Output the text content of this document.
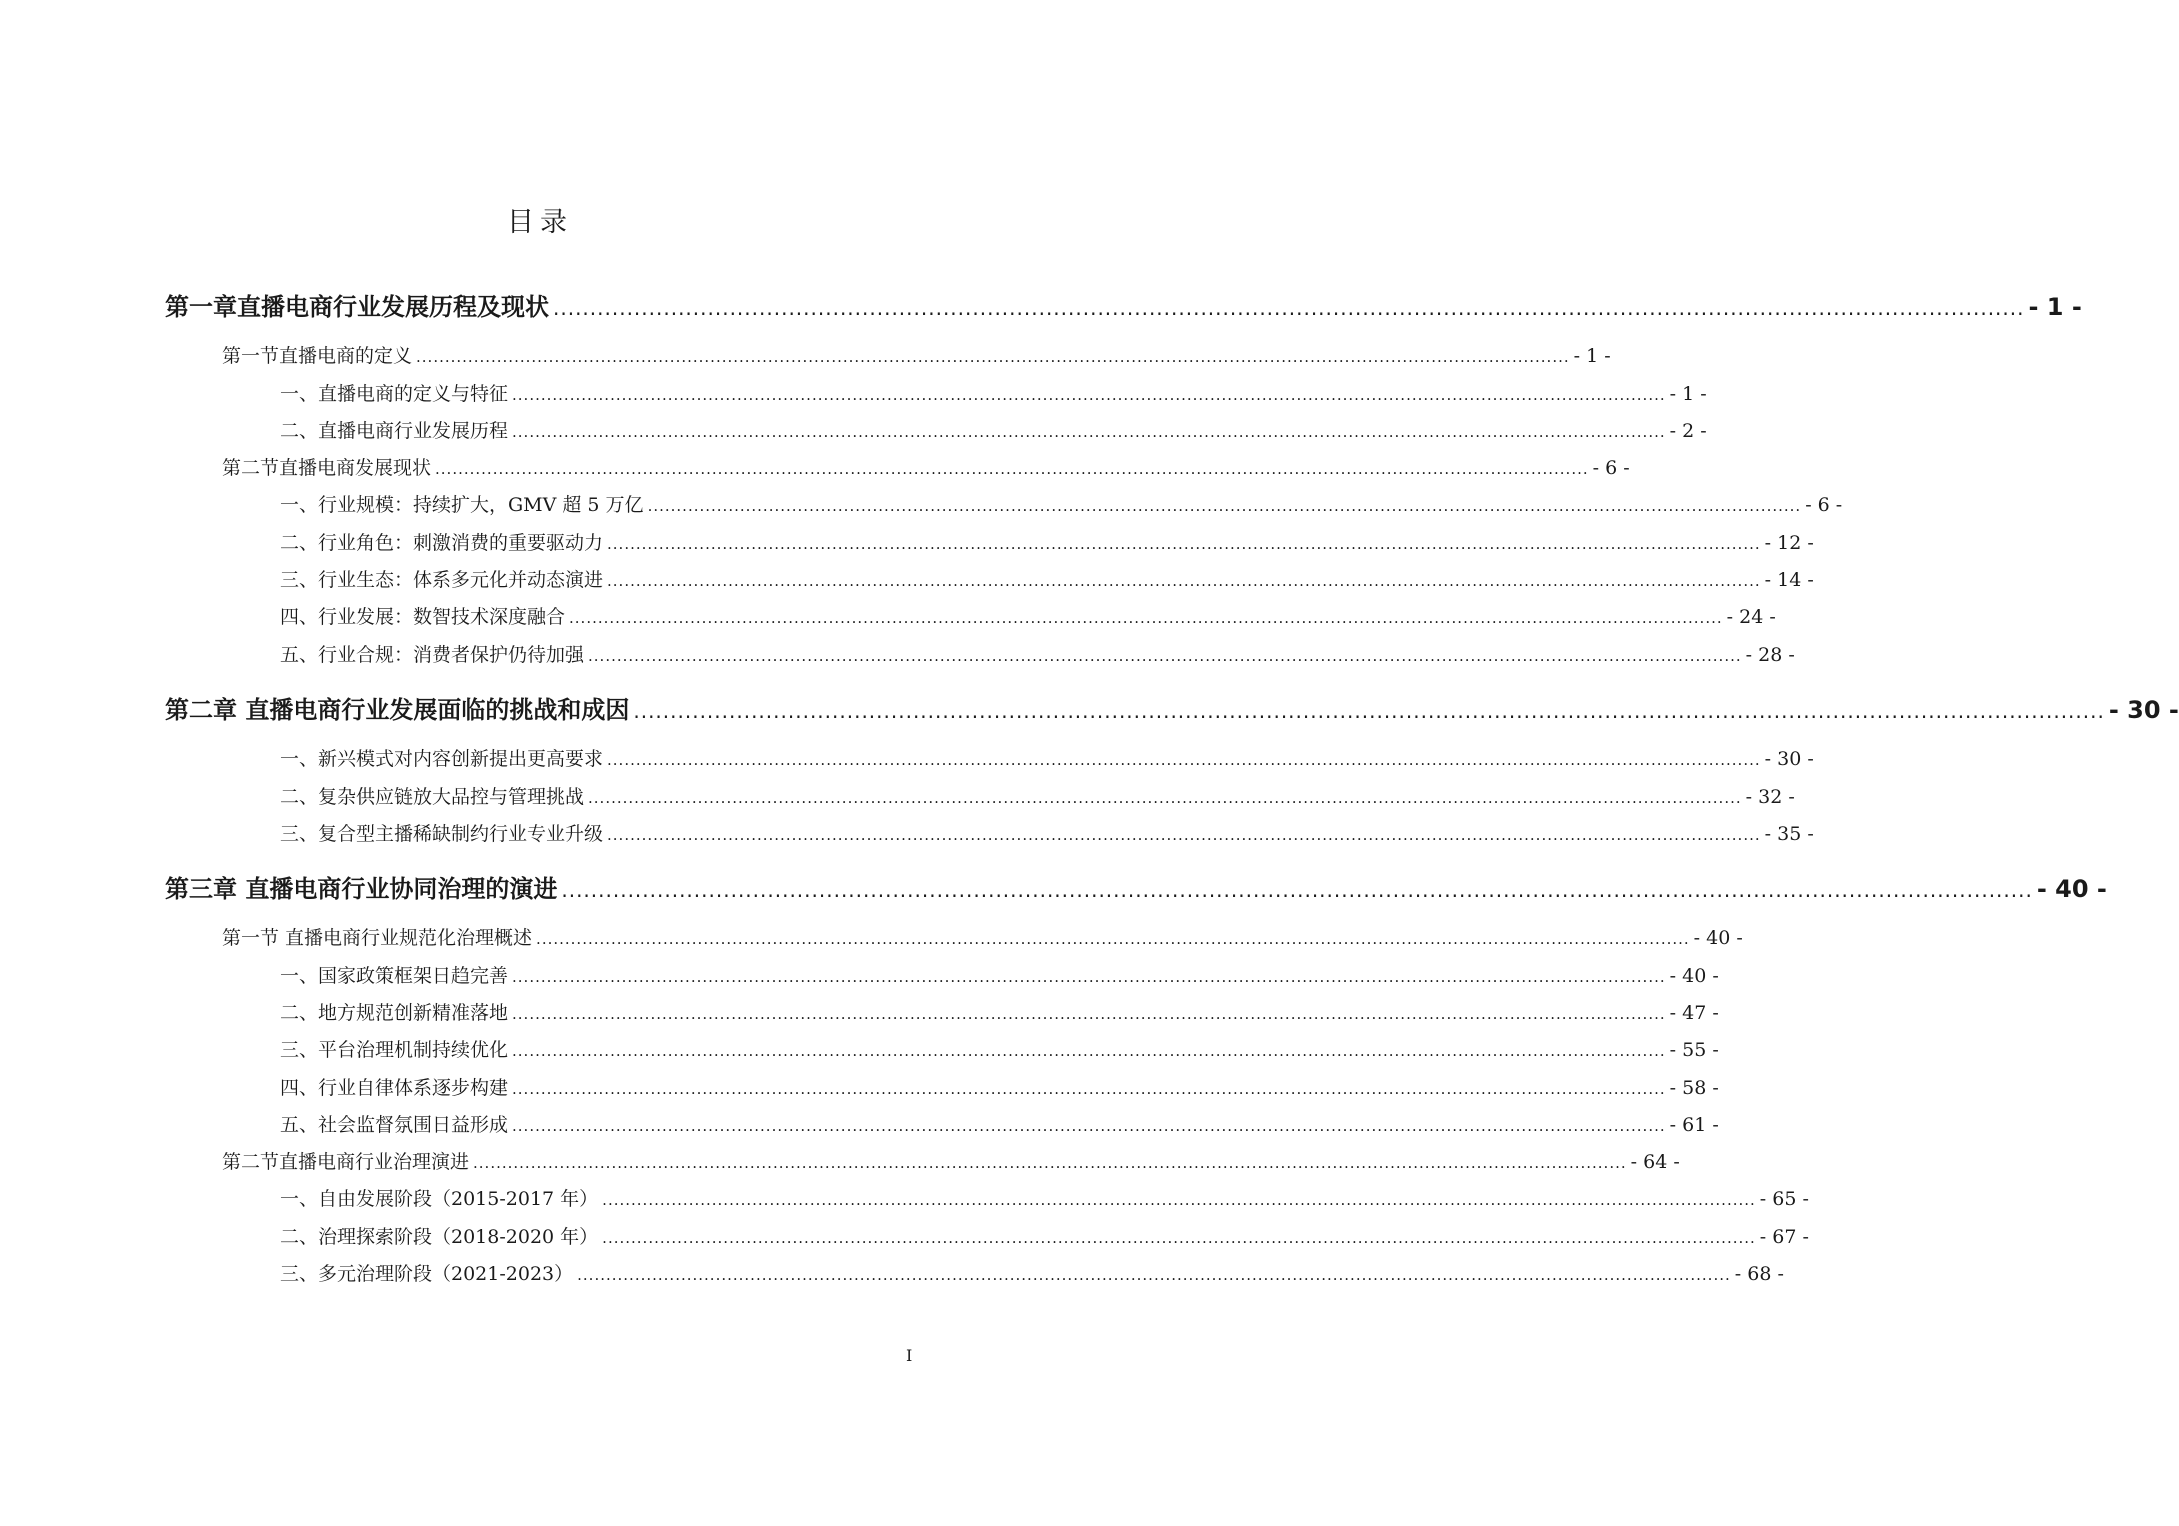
目录
第一章直播电商行业发展历程及现状 ........................................................................................................................................................................................................ - 1 -
第一节直播电商的定义 ........................................................................................................................................................................................................ - 1 -
一、直播电商的定义与特征 ........................................................................................................................................................................................................ - 1 -
二、直播电商行业发展历程 ........................................................................................................................................................................................................ - 2 -
第二节直播电商发展现状 ........................................................................................................................................................................................................ - 6 -
一、行业规模：持续扩大，GMV 超 5 万亿 ........................................................................................................................................................................................................ - 6 -
二、行业角色：刺激消费的重要驱动力 ........................................................................................................................................................................................................ - 12 -
三、行业生态：体系多元化并动态演进 ........................................................................................................................................................................................................ - 14 -
四、行业发展：数智技术深度融合 ........................................................................................................................................................................................................ - 24 -
五、行业合规：消费者保护仍待加强 ........................................................................................................................................................................................................ - 28 -
第二章 直播电商行业发展面临的挑战和成因 ........................................................................................................................................................................................................ - 30 -
一、新兴模式对内容创新提出更高要求 ........................................................................................................................................................................................................ - 30 -
二、复杂供应链放大品控与管理挑战 ........................................................................................................................................................................................................ - 32 -
三、复合型主播稀缺制约行业专业升级 ........................................................................................................................................................................................................ - 35 -
第三章 直播电商行业协同治理的演进 ........................................................................................................................................................................................................ - 40 -
第一节 直播电商行业规范化治理概述 ........................................................................................................................................................................................................ - 40 -
一、国家政策框架日趋完善 ........................................................................................................................................................................................................ - 40 -
二、地方规范创新精准落地 ........................................................................................................................................................................................................ - 47 -
三、平台治理机制持续优化 ........................................................................................................................................................................................................ - 55 -
四、行业自律体系逐步构建 ........................................................................................................................................................................................................ - 58 -
五、社会监督氛围日益形成 ........................................................................................................................................................................................................ - 61 -
第二节直播电商行业治理演进 ........................................................................................................................................................................................................ - 64 -
一、自由发展阶段（2015-2017 年） ........................................................................................................................................................................................................ - 65 -
二、治理探索阶段（2018-2020 年） ........................................................................................................................................................................................................ - 67 -
三、多元治理阶段（2021-2023） ........................................................................................................................................................................................................ - 68 -
I
